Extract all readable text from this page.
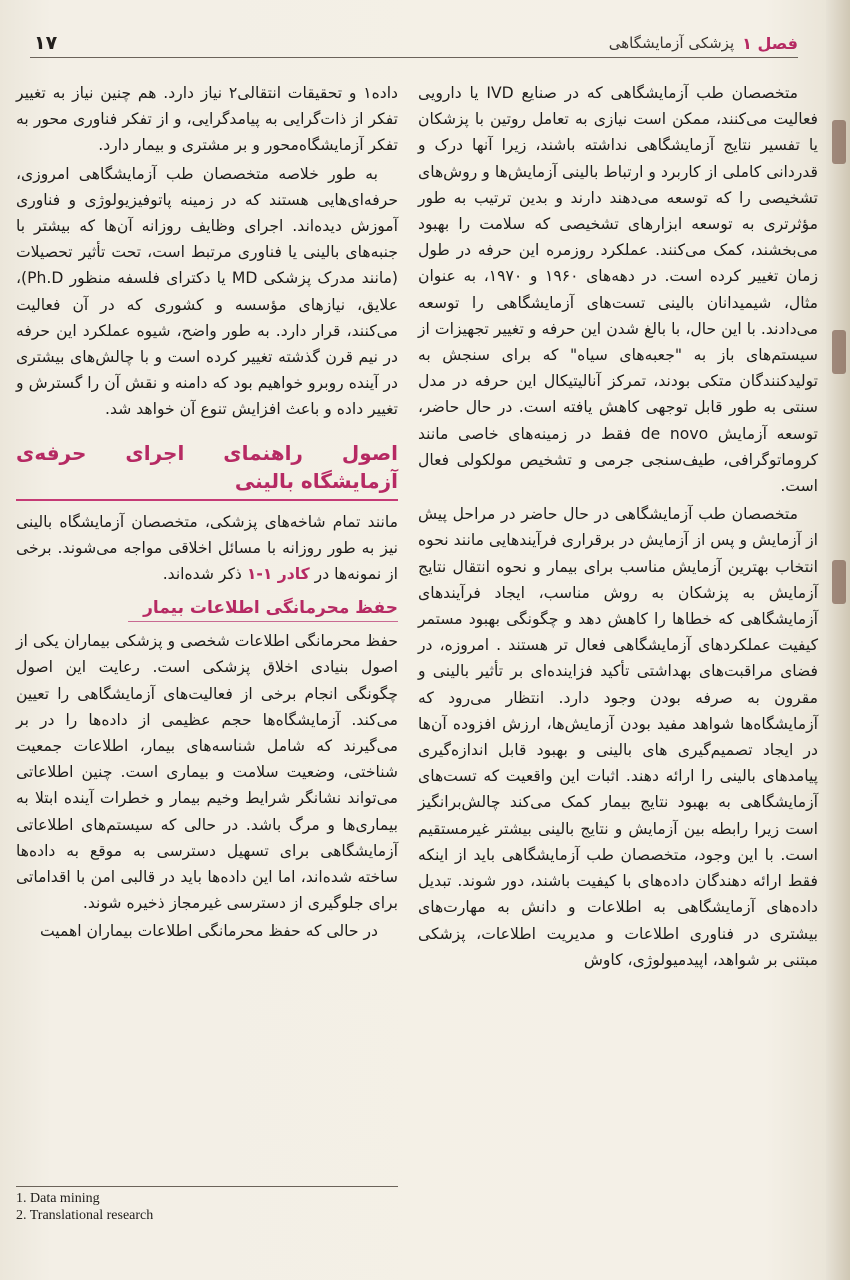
۱۷	فصل ۱
پزشکی آزمایشگاهی

متخصصان طب آزمایشگاهی که در صنایع IVD یا دارویی فعالیت می‌کنند، ممکن است نیازی به تعامل روتین با پزشکان یا تفسیر نتایج آزمایشگاهی نداشته باشند، زیرا آنها درک و قدردانی کاملی از کاربرد و ارتباط بالینی آزمایش‌ها و روش‌های تشخیصی را که توسعه می‌دهند دارند و بدین ترتیب به طور مؤثرتری به توسعه ابزارهای تشخیصی که سلامت را بهبود می‌بخشند، کمک می‌کنند. عملکرد روزمره این حرفه در طول زمان تغییر کرده است. در دهه‌های ۱۹۶۰ و ۱۹۷۰، به عنوان مثال، شیمیدانان بالینی تست‌های آزمایشگاهی را توسعه می‌دادند. با این حال، با بالغ شدن این حرفه و تغییر تجهیزات از سیستم‌های باز به "جعبه‌های سیاه" که برای سنجش به تولیدکنندگان متکی بودند، تمرکز آنالیتیکال این حرفه در مدل سنتی به طور قابل توجهی کاهش یافته است. در حال حاضر، توسعه آزمایش de novo فقط در زمینه‌های خاصی مانند کروماتوگرافی، طیف‌سنجی جرمی و تشخیص مولکولی فعال است.

متخصصان طب آزمایشگاهی در حال حاضر در مراحل پیش از آزمایش و پس از آزمایش در برقراری فرآیندهایی مانند نحوه انتخاب بهترین آزمایش مناسب برای بیمار و نحوه انتقال نتایج آزمایش به پزشکان به روش مناسب، ایجاد فرآیندهای آزمایشگاهی که خطاها را کاهش دهد و چگونگی بهبود مستمر کیفیت عملکردهای آزمایشگاهی فعال تر هستند . امروزه، در فضای مراقبت‌های بهداشتی تأکید فزاینده‌ای بر تأثیر بالینی و مقرون به صرفه بودن وجود دارد. انتظار می‌رود که آزمایشگاه‌ها شواهد مفید بودن آزمایش‌ها، ارزش افزوده آن‌ها در ایجاد تصمیم‌گیری های بالینی و بهبود قابل اندازه‌گیری پیامدهای بالینی را ارائه دهند. اثبات این واقعیت که تست‌های آزمایشگاهی به بهبود نتایج بیمار کمک می‌کند چالش‌برانگیز است زیرا رابطه بین آزمایش و نتایج بالینی بیشتر غیرمستقیم است. با این وجود، متخصصان طب آزمایشگاهی باید از اینکه فقط ارائه دهندگان داده‌های با کیفیت باشند، دور شوند. تبدیل داده‌های آزمایشگاهی به اطلاعات و دانش به مهارت‌های بیشتری در فناوری اطلاعات و مدیریت اطلاعات، پزشکی مبتنی بر شواهد، اپیدمیولوژی، کاوش

داده۱ و تحقیقات انتقالی۲ نیاز دارد. هم چنین نیاز به تغییر تفکر از ذات‌گرایی به پیامدگرایی، و از تفکر فناوری محور به تفکر آزمایشگاه‌محور و بر مشتری و بیمار دارد.

به طور خلاصه متخصصان طب آزمایشگاهی امروزی، حرفه‌ای‌هایی هستند که در زمینه پاتوفیزیولوژی و فناوری آموزش دیده‌اند. اجرای وظایف روزانه آن‌ها که بیشتر با جنبه‌های بالینی یا فناوری مرتبط است، تحت تأثیر تحصیلات (مانند مدرک پزشکی MD یا دکترای فلسفه منظور Ph.D)، علایق، نیازهای مؤسسه و کشوری که در آن فعالیت می‌کنند، قرار دارد. به طور واضح، شیوه عملکرد این حرفه در نیم قرن گذشته تغییر کرده است و با چالش‌های بیشتری در آینده روبرو خواهیم بود که دامنه و نقش آن را گسترش و تغییر داده و باعث افزایش تنوع آن خواهد شد.

اصول راهنمای اجرای حرفه‌ی آزمایشگاه بالینی

مانند تمام شاخه‌های پزشکی، متخصصان آزمایشگاه بالینی نیز به طور روزانه با مسائل اخلاقی مواجه می‌شوند. برخی از نمونه‌ها در کادر ۱-۱ ذکر شده‌اند.

حفظ محرمانگی اطلاعات بیمار

حفظ محرمانگی اطلاعات شخصی و پزشکی بیماران یکی از اصول بنیادی اخلاق پزشکی است. رعایت این اصول چگونگی انجام برخی از فعالیت‌های آزمایشگاهی را تعیین می‌کند. آزمایشگاه‌ها حجم عظیمی از داده‌ها را در بر می‌گیرند که شامل شناسه‌های بیمار، اطلاعات جمعیت شناختی، وضعیت سلامت و بیماری است. چنین اطلاعاتی می‌تواند نشانگر شرایط وخیم بیمار و خطرات آینده ابتلا به بیماری‌ها و مرگ باشد. در حالی که سیستم‌های اطلاعاتی آزمایشگاهی برای تسهیل دسترسی به موقع به داده‌ها ساخته شده‌اند، اما این داده‌ها باید در قالبی امن با اقداماتی برای جلوگیری از دسترسی غیرمجاز ذخیره شوند.

در حالی که حفظ محرمانگی اطلاعات بیماران اهمیت

1. Data mining
2. Translational research
